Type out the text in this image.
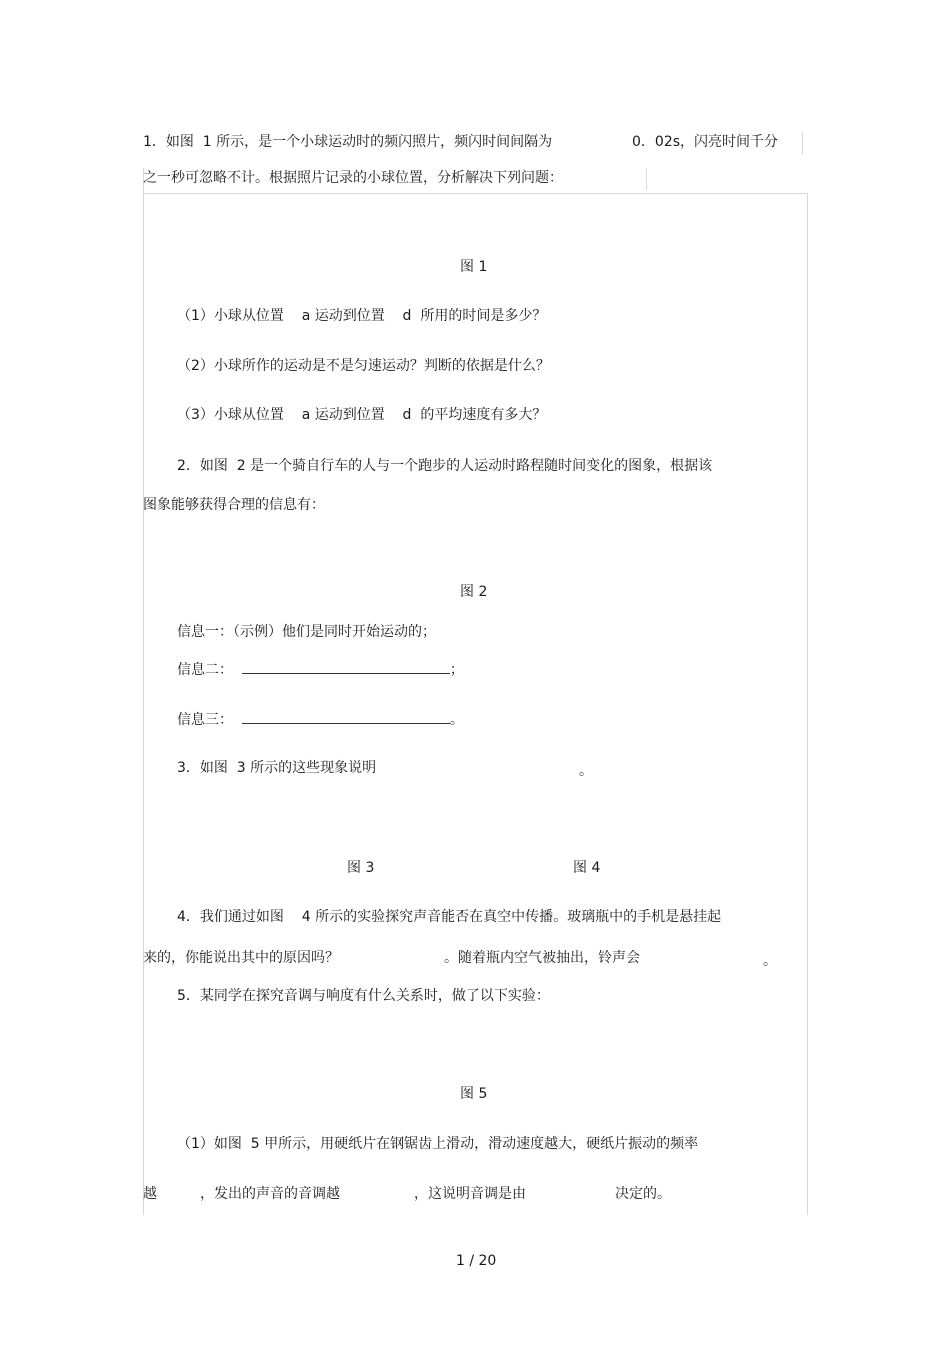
1．如图  1 所示，是一个小球运动时的频闪照片，频闪时间间隔为	0．02s，闪亮时间千分
之一秒可忽略不计。根据照片记录的小球位置，分析解决下列问题：
图 1
（1）小球从位置    a 运动到位置    d  所用的时间是多少？
（2）小球所作的运动是不是匀速运动？判断的依据是什么？
（3）小球从位置    a 运动到位置    d  的平均速度有多大？
2．如图  2 是一个骑自行车的人与一个跑步的人运动时路程随时间变化的图象，根据该
图象能够获得合理的信息有：
图 2
信息一：（示例）他们是同时开始运动的；
信息二：	；
信息三：	。
3．如图  3 所示的这些现象说明	。
图 3	图 4
4．我们通过如图    4 所示的实验探究声音能否在真空中传播。玻璃瓶中的手机是悬挂起
来的，你能说出其中的原因吗？	。随着瓶内空气被抽出，铃声会	。
5．某同学在探究音调与响度有什么关系时，做了以下实验：
图 5
（1）如图  5 甲所示，用硬纸片在钢锯齿上滑动，滑动速度越大，硬纸片振动的频率
越	，发出的声音的音调越	，这说明音调是由	决定的。
1 / 20
